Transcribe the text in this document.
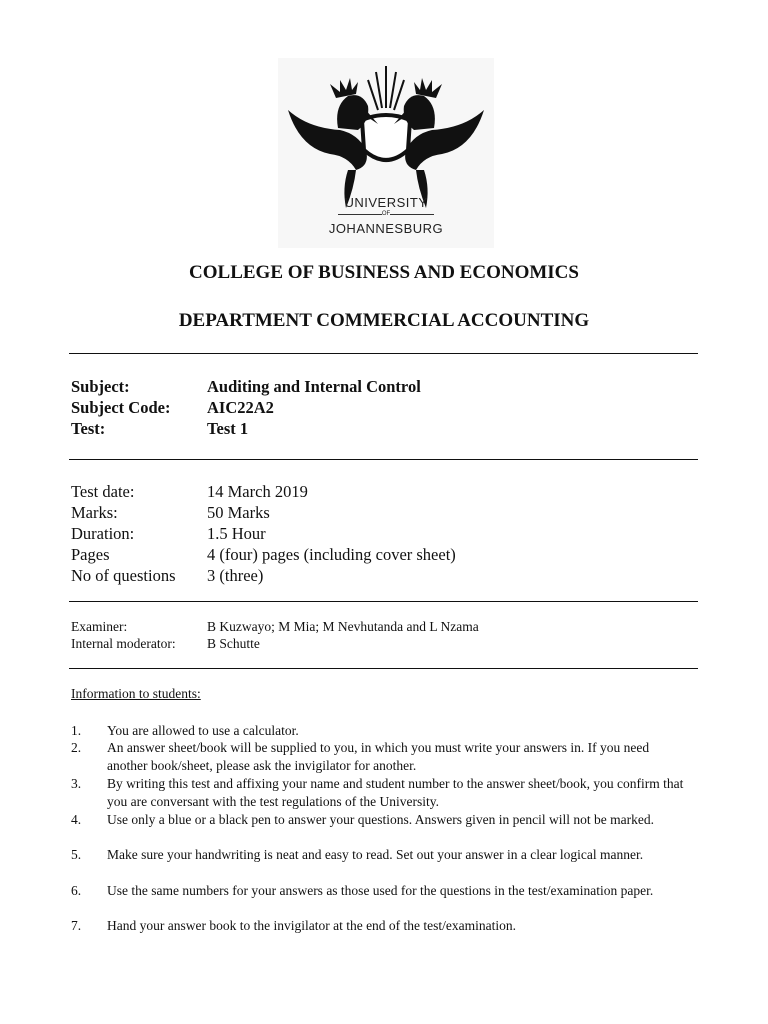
UNIVERSITY
OF
JOHANNESBURG
COLLEGE OF BUSINESS AND ECONOMICS
DEPARTMENT COMMERCIAL ACCOUNTING
Subject:	Auditing and Internal Control
Subject Code: AIC22A2
Test:	Test 1
Test date:	14 March 2019
Marks:	50 Marks
Duration:	1.5 Hour
Pages	4 (four) pages (including cover sheet)
No of questions 3 (three)
Examiner:	B Kuzwayo; M Mia; M Nevhutanda and L Nzama
Internal moderator: B Schutte
Information to students:
1. You are allowed to use a calculator.
2. An answer sheet/book will be supplied to you, in which you must write your answers in. If you need another book/sheet, please ask the invigilator for another.
3. By writing this test and affixing your name and student number to the answer sheet/book, you confirm that you are conversant with the test regulations of the University.
4. Use only a blue or a black pen to answer your questions. Answers given in pencil will not be marked.
5. Make sure your handwriting is neat and easy to read. Set out your answer in a clear logical manner.
6. Use the same numbers for your answers as those used for the questions in the test/examination paper.
7. Hand your answer book to the invigilator at the end of the test/examination.
